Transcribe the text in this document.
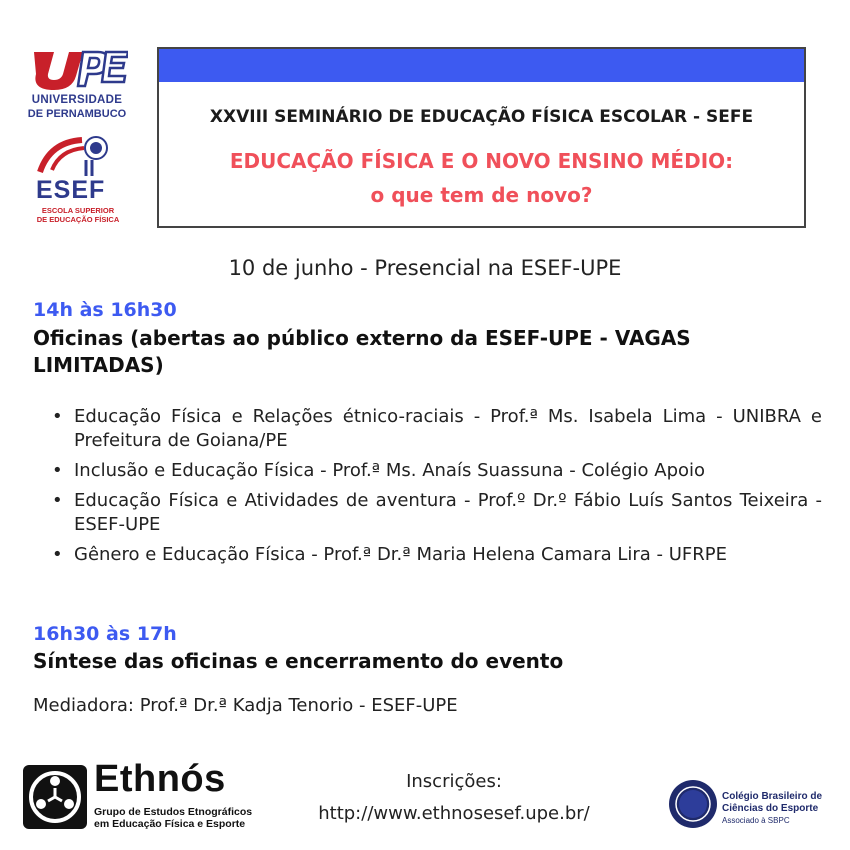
UNIVERSIDADE
DE PERNAMBUCO
ESEF
ESCOLA SUPERIOR
DE EDUCAÇÃO FÍSICA
XXVIII SEMINÁRIO DE EDUCAÇÃO FÍSICA ESCOLAR - SEFE
EDUCAÇÃO FÍSICA E O NOVO ENSINO MÉDIO:
o que tem de novo?
10 de junho - Presencial na ESEF-UPE
14h às 16h30
Oficinas (abertas ao público externo da ESEF-UPE - VAGAS LIMITADAS)
• Educação Física e Relações étnico-raciais - Prof.ª Ms. Isabela Lima - UNIBRA e Prefeitura de Goiana/PE
• Inclusão e Educação Física - Prof.ª Ms. Anaís Suassuna - Colégio Apoio
• Educação Física e Atividades de aventura - Prof.º Dr.º Fábio Luís Santos Teixeira - ESEF-UPE
• Gênero e Educação Física - Prof.ª Dr.ª Maria Helena Camara Lira - UFRPE
16h30 às 17h
Síntese das oficinas e encerramento do evento
Mediadora: Prof.ª Dr.ª Kadja Tenorio - ESEF-UPE
Ethnós
Grupo de Estudos Etnográficos
em Educação Física e Esporte
Inscrições:
http://www.ethnosesef.upe.br/
Colégio Brasileiro de
Ciências do Esporte
Associado à SBPC
